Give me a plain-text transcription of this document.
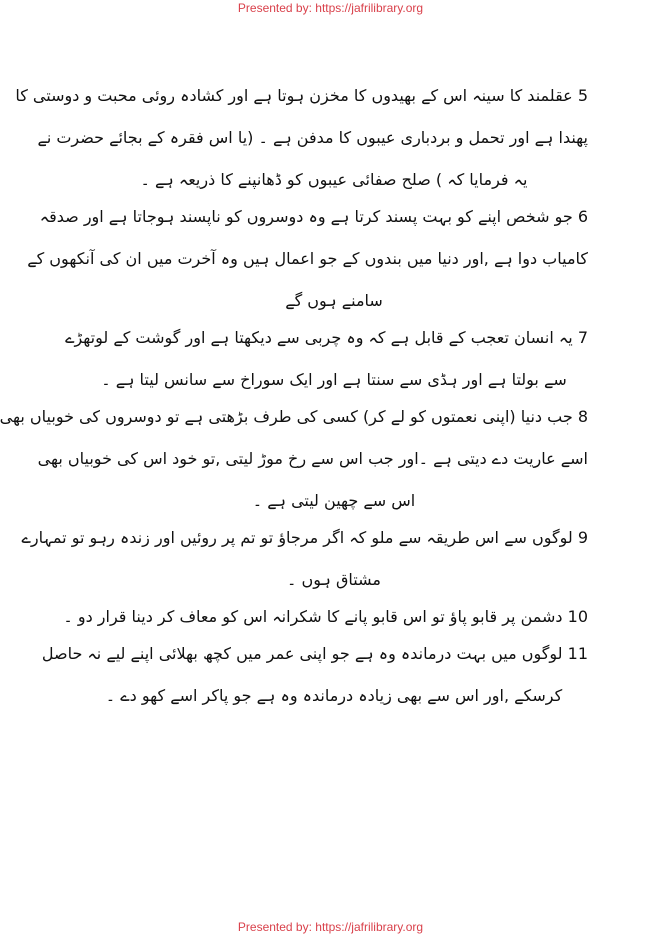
Presented by: https://jafrilibrary.org
5 عقلمند کا سینہ اس کے بھیدوں کا مخزن ہوتا ہے اور کشادہ روئی محبت و دوستی کا
پھندا ہے اور تحمل و بردباری عیبوں کا مدفن ہے ۔ (یا اس فقرہ کے بجائے حضرت نے
یہ فرمایا کہ ) صلح صفائی عیبوں کو ڈھانپنے کا ذریعہ ہے ۔
6 جو شخص اپنے کو بہت پسند کرتا ہے وہ دوسروں کو ناپسند ہوجاتا ہے اور صدقہ
کامیاب دوا ہے ,اور دنیا میں بندوں کے جو اعمال ہیں وہ آخرت میں ان کی آنکھوں کے
سامنے ہوں گے
7 یہ انسان تعجب کے قابل ہے کہ وہ چربی سے دیکھتا ہے اور گوشت کے لوتھڑے
سے بولتا ہے اور ہڈی سے سنتا ہے اور ایک سوراخ سے سانس لیتا ہے ۔
8 جب دنیا (اپنی نعمتوں کو لے کر) کسی کی طرف بڑھتی ہے تو دوسروں کی خوبیاں بھی
اسے عاریت دے دیتی ہے ۔اور جب اس سے رخ موڑ لیتی ,تو خود اس کی خوبیاں بھی
اس سے چھین لیتی ہے ۔
9 لوگوں سے اس طریقہ سے ملو کہ اگر مرجاؤ تو تم پر روئیں اور زندہ رہو تو تمہارے
مشتاق ہوں ۔
10 دشمن پر قابو پاؤ تو اس قابو پانے کا شکرانہ اس کو معاف کر دینا قرار دو ۔
11 لوگوں میں بہت درماندہ وہ ہے جو اپنی عمر میں کچھ بھلائی اپنے لیے نہ حاصل
کرسکے ,اور اس سے بھی زیادہ درماندہ وہ ہے جو پاکر اسے کھو دے ۔
Presented by: https://jafrilibrary.org
